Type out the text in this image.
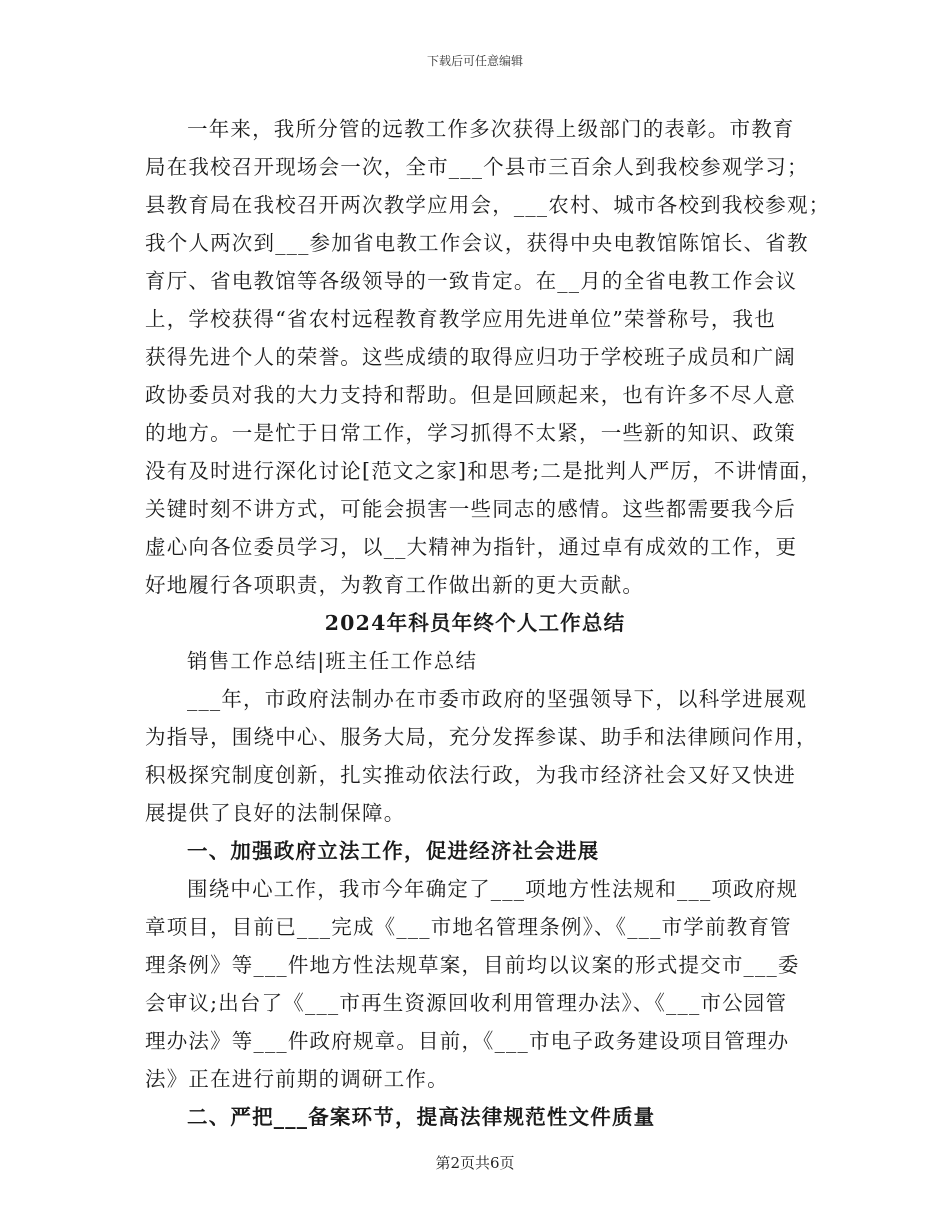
下载后可任意编辑
一年来，我所分管的远教工作多次获得上级部门的表彰。市教育
局在我校召开现场会一次，全市___个县市三百余人到我校参观学习；
县教育局在我校召开两次教学应用会，___农村、城市各校到我校参观；
我个人两次到___参加省电教工作会议，获得中央电教馆陈馆长、省教
育厅、省电教馆等各级领导的一致肯定。在__月的全省电教工作会议
上，学校获得“省农村远程教育教学应用先进单位”荣誉称号，我也
获得先进个人的荣誉。这些成绩的取得应归功于学校班子成员和广阔
政协委员对我的大力支持和帮助。但是回顾起来，也有许多不尽人意
的地方。一是忙于日常工作，学习抓得不太紧，一些新的知识、政策
没有及时进行深化讨论[范文之家]和思考;二是批判人严厉，不讲情面，
关键时刻不讲方式，可能会损害一些同志的感情。这些都需要我今后
虚心向各位委员学习，以__大精神为指针，通过卓有成效的工作，更
好地履行各项职责，为教育工作做出新的更大贡献。
2024年科员年终个人工作总结
销售工作总结|班主任工作总结
___年，市政府法制办在市委市政府的坚强领导下，以科学进展观
为指导，围绕中心、服务大局，充分发挥参谋、助手和法律顾问作用，
积极探究制度创新，扎实推动依法行政，为我市经济社会又好又快进
展提供了良好的法制保障。
一、加强政府立法工作，促进经济社会进展
围绕中心工作，我市今年确定了___项地方性法规和___项政府规
章项目，目前已___完成《___市地名管理条例》、《___市学前教育管
理条例》等___件地方性法规草案，目前均以议案的形式提交市___委
会审议;出台了《___市再生资源回收利用管理办法》、《___市公园管
理办法》等___件政府规章。目前，《___市电子政务建设项目管理办
法》正在进行前期的调研工作。
二、严把___备案环节，提高法律规范性文件质量
第2页共6页
